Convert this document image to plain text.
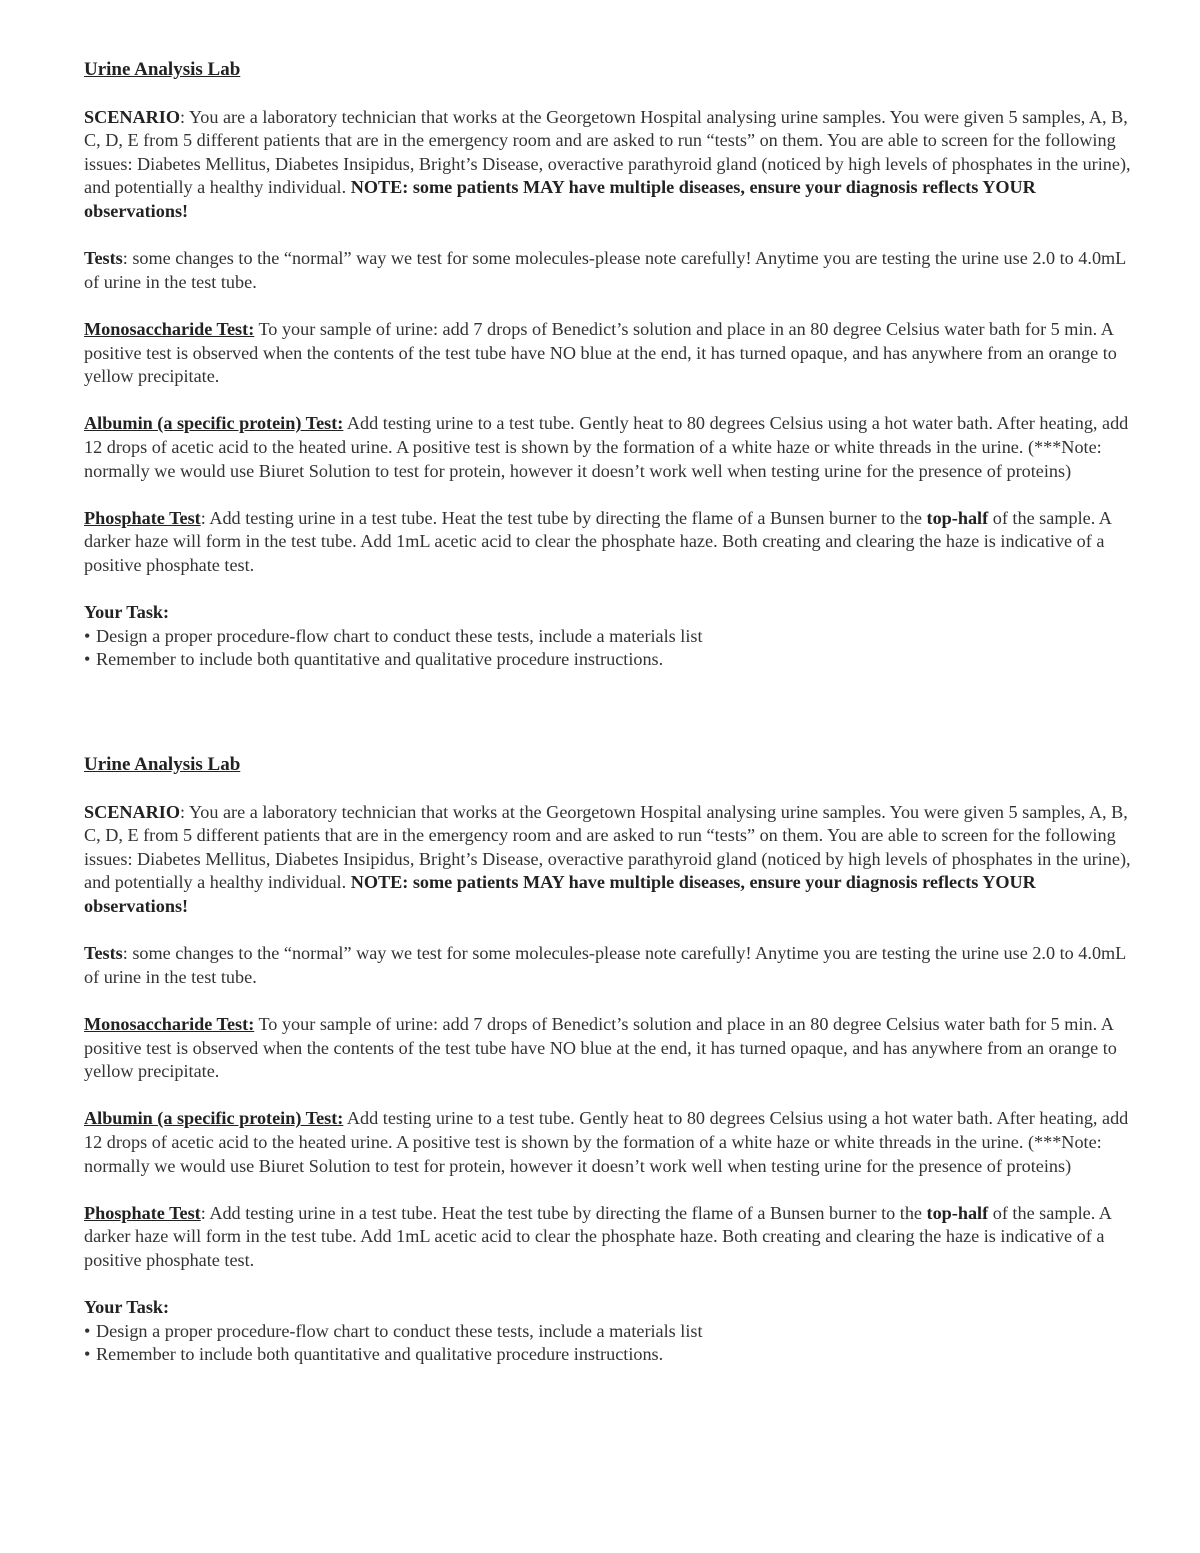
Urine Analysis Lab

SCENARIO: You are a laboratory technician that works at the Georgetown Hospital analysing urine samples. You were given 5 samples, A, B, C, D, E from 5 different patients that are in the emergency room and are asked to run “tests” on them. You are able to screen for the following issues: Diabetes Mellitus, Diabetes Insipidus, Bright’s Disease, overactive parathyroid gland (noticed by high levels of phosphates in the urine), and potentially a healthy individual. NOTE: some patients MAY have multiple diseases, ensure your diagnosis reflects YOUR observations!

Tests: some changes to the “normal” way we test for some molecules-please note carefully! Anytime you are testing the urine use 2.0 to 4.0mL of urine in the test tube.

Monosaccharide Test: To your sample of urine: add 7 drops of Benedict’s solution and place in an 80 degree Celsius water bath for 5 min. A positive test is observed when the contents of the test tube have NO blue at the end, it has turned opaque, and has anywhere from an orange to yellow precipitate.

Albumin (a specific protein) Test: Add testing urine to a test tube. Gently heat to 80 degrees Celsius using a hot water bath. After heating, add 12 drops of acetic acid to the heated urine. A positive test is shown by the formation of a white haze or white threads in the urine. (***Note: normally we would use Biuret Solution to test for protein, however it doesn’t work well when testing urine for the presence of proteins)

Phosphate Test: Add testing urine in a test tube. Heat the test tube by directing the flame of a Bunsen burner to the top-half of the sample. A darker haze will form in the test tube. Add 1mL acetic acid to clear the phosphate haze. Both creating and clearing the haze is indicative of a positive phosphate test.

Your Task:

• Design a proper procedure-flow chart to conduct these tests, include a materials list
• Remember to include both quantitative and qualitative procedure instructions.

Urine Analysis Lab

SCENARIO: You are a laboratory technician that works at the Georgetown Hospital analysing urine samples. You were given 5 samples, A, B, C, D, E from 5 different patients that are in the emergency room and are asked to run “tests” on them. You are able to screen for the following issues: Diabetes Mellitus, Diabetes Insipidus, Bright’s Disease, overactive parathyroid gland (noticed by high levels of phosphates in the urine), and potentially a healthy individual. NOTE: some patients MAY have multiple diseases, ensure your diagnosis reflects YOUR observations!

Tests: some changes to the “normal” way we test for some molecules-please note carefully! Anytime you are testing the urine use 2.0 to 4.0mL of urine in the test tube.

Monosaccharide Test: To your sample of urine: add 7 drops of Benedict’s solution and place in an 80 degree Celsius water bath for 5 min. A positive test is observed when the contents of the test tube have NO blue at the end, it has turned opaque, and has anywhere from an orange to yellow precipitate.

Albumin (a specific protein) Test: Add testing urine to a test tube. Gently heat to 80 degrees Celsius using a hot water bath. After heating, add 12 drops of acetic acid to the heated urine. A positive test is shown by the formation of a white haze or white threads in the urine. (***Note: normally we would use Biuret Solution to test for protein, however it doesn’t work well when testing urine for the presence of proteins)

Phosphate Test: Add testing urine in a test tube. Heat the test tube by directing the flame of a Bunsen burner to the top-half of the sample. A darker haze will form in the test tube. Add 1mL acetic acid to clear the phosphate haze. Both creating and clearing the haze is indicative of a positive phosphate test.

Your Task:

• Design a proper procedure-flow chart to conduct these tests, include a materials list
• Remember to include both quantitative and qualitative procedure instructions.
